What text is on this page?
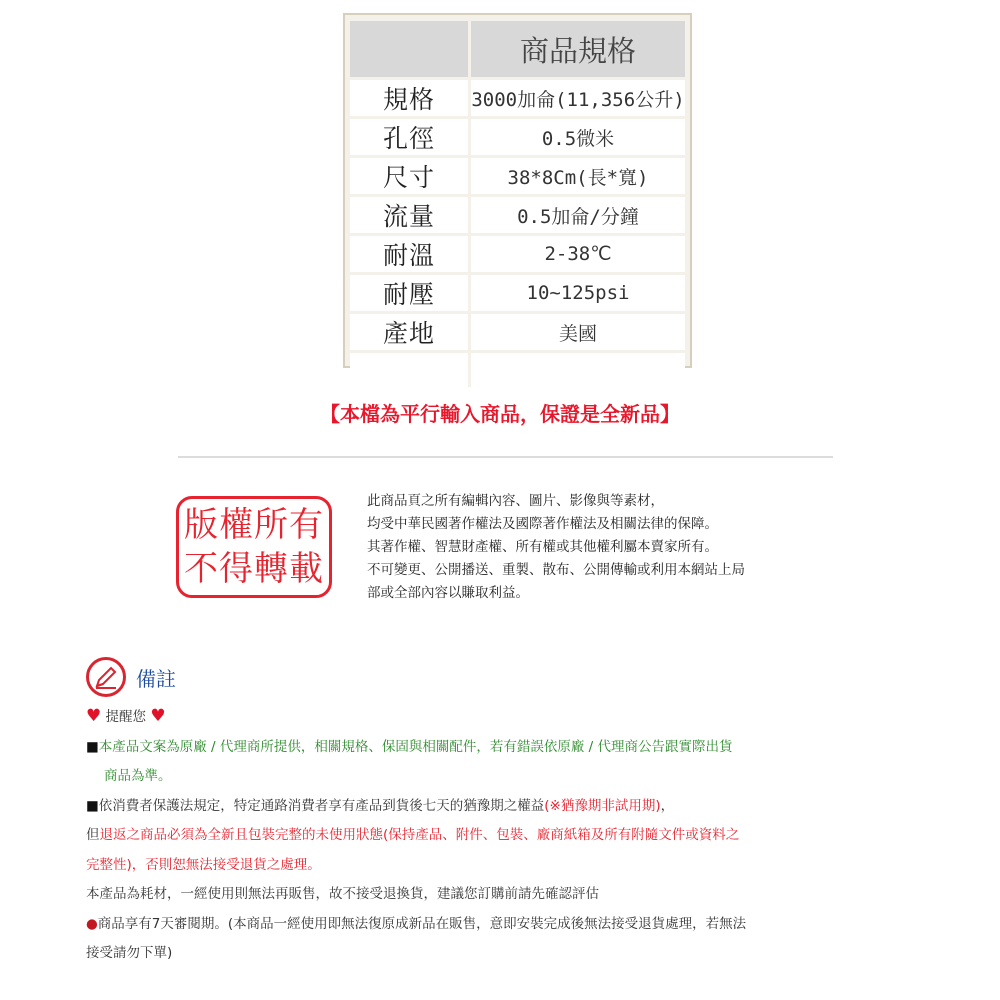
	商品規格
規格	3000加侖(11,356公升)
孔徑	0.5微米
尺寸	38*8Cm(長*寬)
流量	0.5加侖/分鐘
耐溫	2-38℃
耐壓	10~125psi
產地	美國

【本檔為平行輸入商品，保證是全新品】
版權所有
不得轉載
此商品頁之所有編輯內容、圖片、影像與等素材，
均受中華民國著作權法及國際著作權法及相關法律的保障。
其著作權、智慧財產權、所有權或其他權利屬本賣家所有。
不可變更、公開播送、重製、散布、公開傳輸或利用本網站上局
部或全部內容以賺取利益。
備註

♥ 提醒您 ♥

■本產品文案為原廠 / 代理商所提供，相關規格、保固與相關配件，若有錯誤依原廠 / 代理商公告跟實際出貨

商品為準。

■依消費者保護法規定，特定通路消費者享有產品到貨後七天的猶豫期之權益(※猶豫期非試用期)，

但退返之商品必須為全新且包裝完整的未使用狀態(保持產品、附件、包裝、廠商紙箱及所有附隨文件或資料之

完整性)，否則恕無法接受退貨之處理。

本產品為耗材，一經使用則無法再販售，故不接受退換貨，建議您訂購前請先確認評估

●商品享有7天審閱期。(本商品一經使用即無法復原成新品在販售，意即安裝完成後無法接受退貨處理，若無法

接受請勿下單)
